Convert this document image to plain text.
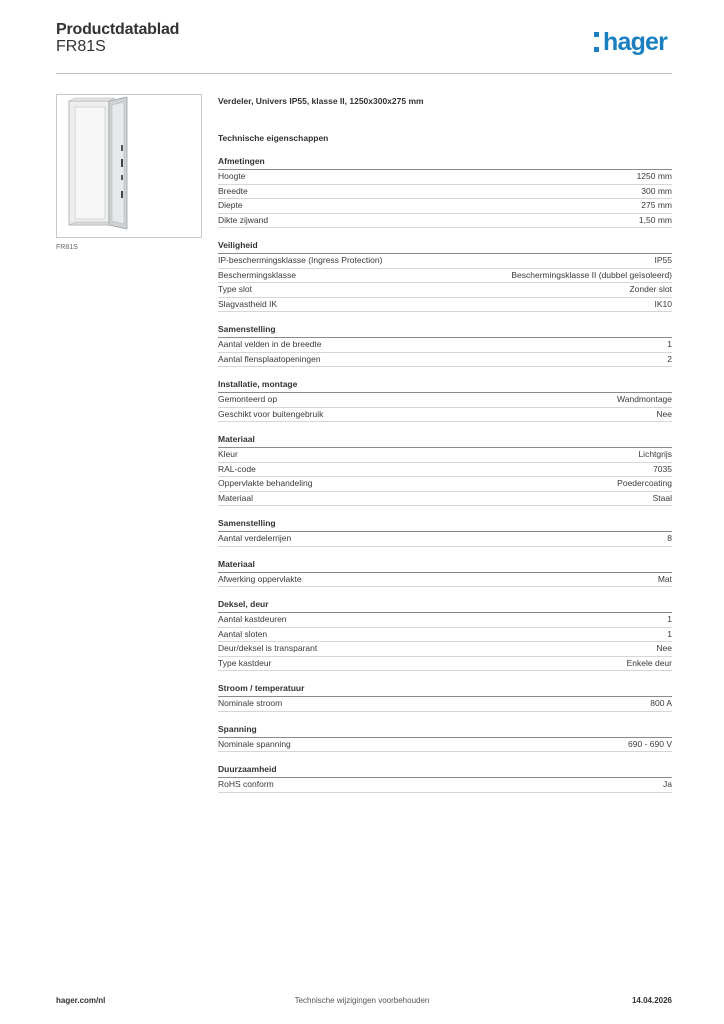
Productdatablad
FR81S	hager
FR81S
Verdeler, Univers IP55, klasse II, 1250x300x275 mm
Technische eigenschappen
Afmetingen
Hoogte	1250 mm
Breedte	300 mm
Diepte	275 mm
Dikte zijwand	1,50 mm
Veiligheid
IP-beschermingsklasse (Ingress Protection)	IP55
Beschermingsklasse	Beschermingsklasse II (dubbel geïsoleerd)
Type slot	Zonder slot
Slagvastheid IK	IK10
Samenstelling
Aantal velden in de breedte	1
Aantal flensplaatopeningen	2
Installatie, montage
Gemonteerd op	Wandmontage
Geschikt voor buitengebruik	Nee
Materiaal
Kleur	Lichtgrijs
RAL-code	7035
Oppervlakte behandeling	Poedercoating
Materiaal	Staal
Samenstelling
Aantal verdelerrijen	8
Materiaal
Afwerking oppervlakte	Mat
Deksel, deur
Aantal kastdeuren	1
Aantal sloten	1
Deur/deksel is transparant	Nee
Type kastdeur	Enkele deur
Stroom / temperatuur
Nominale stroom	800 A
Spanning
Nominale spanning	690 - 690 V
Duurzaamheid
RoHS conform	Ja
hager.com/nl	Technische wijzigingen voorbehouden	14.04.2026
